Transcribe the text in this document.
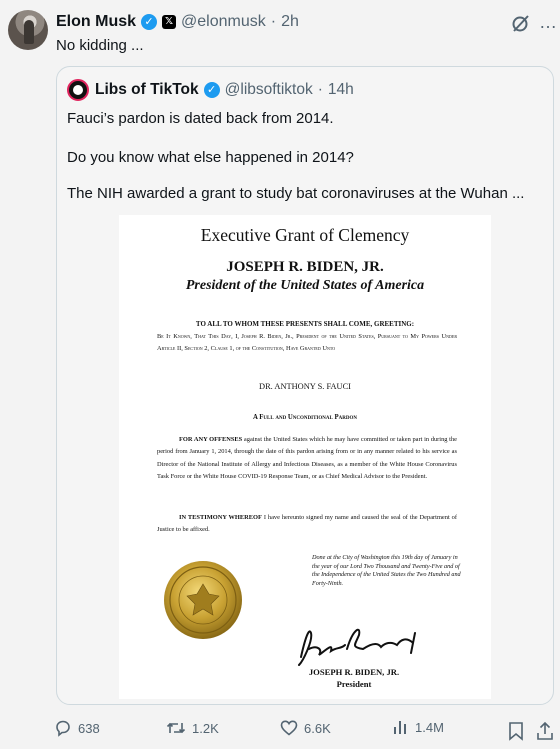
Elon Musk ✓	𝕏 @elonmusk · 2h	…
No kidding ...
Libs of TikTok ✓ @libsoftiktok · 14h
Fauci’s pardon is dated back from 2014.
Do you know what else happened in 2014?
The NIH awarded a grant to study bat coronaviruses at the Wuhan ...
Executive Grant of Clemency
JOSEPH R. BIDEN, JR.
President of the United States of America
TO ALL TO WHOM THESE PRESENTS SHALL COME, GREETING:
Be It Known, That This Day, I, Joseph R. Biden, Jr., President of the United States, Pursuant to My Powers Under Article II, Section 2, Clause 1, of the Constitution, Have Granted Unto
DR. ANTHONY S. FAUCI
A Full and Unconditional Pardon
FOR ANY OFFENSES against the United States which he may have committed or taken part in during the period from January 1, 2014, through the date of this pardon arising from or in any manner related to his service as Director of the National Institute of Allergy and Infectious Diseases, as a member of the White House Coronavirus Task Force or the White House COVID-19 Response Team, or as Chief Medical Advisor to the President.
IN TESTIMONY WHEREOF I have hereunto signed my name and caused the seal of the Department of Justice to be affixed.
Done at the City of Washington this 19th day of January in the year of our Lord Two Thousand and Twenty-Five and of the Independence of the United States the Two Hundred and Forty-Ninth.
JOSEPH R. BIDEN, JR.
President
638	1.2K	6.6K	1.4M
